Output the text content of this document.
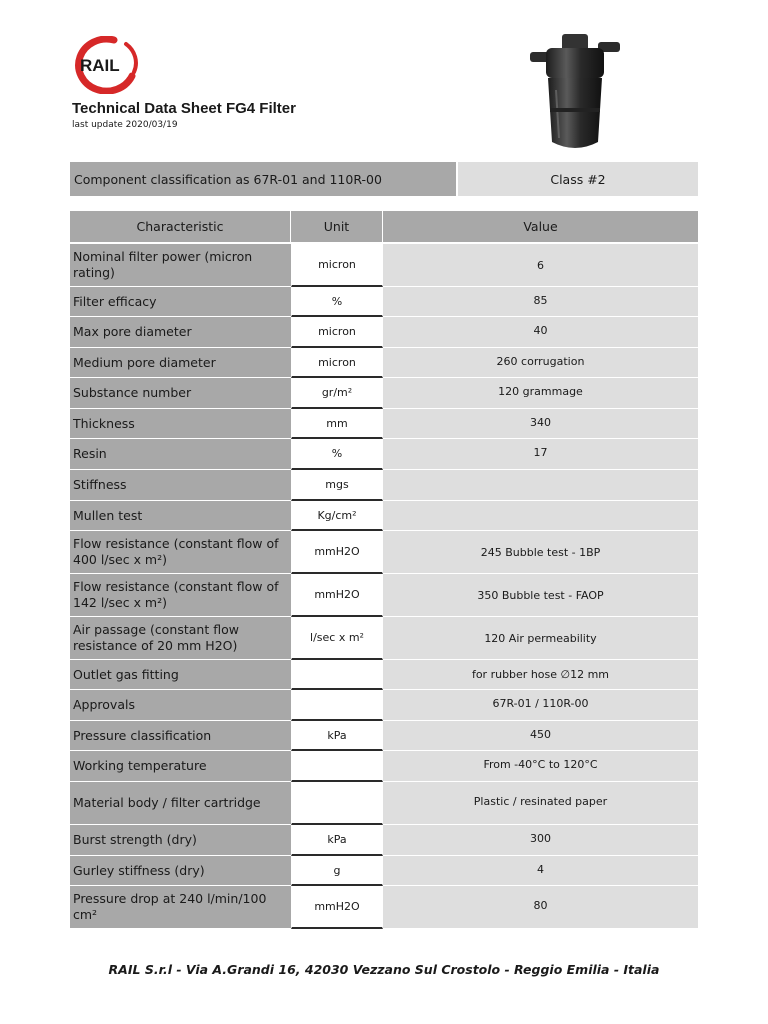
RAIL

Technical Data Sheet FG4 Filter

last update 2020/03/19
Component classification as 67R-01 and 110R-00	Class #2
Characteristic	Unit	Value
Nominal filter power (micron rating)	micron	6
Filter efficacy	%	85
Max pore diameter	micron	40
Medium pore diameter	micron	260 corrugation
Substance number	gr/m²	120 grammage
Thickness	mm	340
Resin	%	17
Stiffness	mgs	
Mullen test	Kg/cm²	
Flow resistance (constant flow of 400 l/sec x m²)	mmH2O	245 Bubble test - 1BP
Flow resistance (constant flow of 142 l/sec x m²)	mmH2O	350 Bubble test - FAOP
Air passage (constant flow resistance of 20 mm H2O)	l/sec x m²	120 Air permeability
Outlet gas fitting		for rubber hose ∅12 mm
Approvals		67R-01 / 110R-00
Pressure classification	kPa	450
Working temperature		From -40°C to 120°C
Material body / filter cartridge		Plastic / resinated paper
Burst strength (dry)	kPa	300
Gurley stiffness (dry)	g	4
Pressure drop at 240 l/min/100 cm²	mmH2O	80
RAIL S.r.l - Via A.Grandi 16, 42030 Vezzano Sul Crostolo - Reggio Emilia - Italia
